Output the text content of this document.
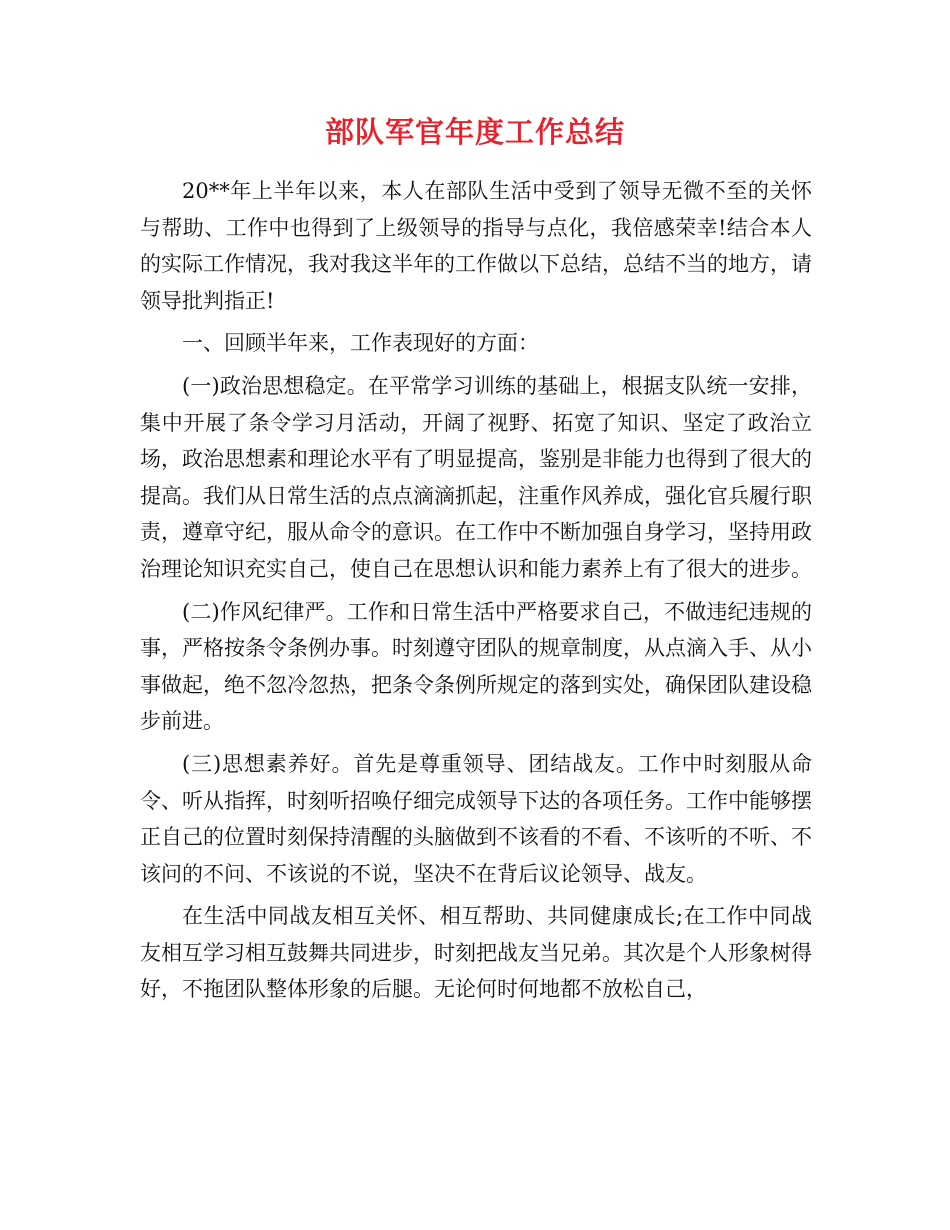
部队军官年度工作总结

20**年上半年以来，本人在部队生活中受到了领导无微不至的关怀与帮助、工作中也得到了上级领导的指导与点化，我倍感荣幸!结合本人的实际工作情况，我对我这半年的工作做以下总结，总结不当的地方，请领导批判指正!

一、回顾半年来，工作表现好的方面：

(一)政治思想稳定。在平常学习训练的基础上，根据支队统一安排，集中开展了条令学习月活动，开阔了视野、拓宽了知识、坚定了政治立场，政治思想素和理论水平有了明显提高，鉴别是非能力也得到了很大的提高。我们从日常生活的点点滴滴抓起，注重作风养成，强化官兵履行职责，遵章守纪，服从命令的意识。在工作中不断加强自身学习，坚持用政治理论知识充实自己，使自己在思想认识和能力素养上有了很大的进步。

(二)作风纪律严。工作和日常生活中严格要求自己，不做违纪违规的事，严格按条令条例办事。时刻遵守团队的规章制度，从点滴入手、从小事做起，绝不忽冷忽热，把条令条例所规定的落到实处，确保团队建设稳步前进。

(三)思想素养好。首先是尊重领导、团结战友。工作中时刻服从命令、听从指挥，时刻听招唤仔细完成领导下达的各项任务。工作中能够摆正自己的位置时刻保持清醒的头脑做到不该看的不看、不该听的不听、不该问的不问、不该说的不说，坚决不在背后议论领导、战友。

在生活中同战友相互关怀、相互帮助、共同健康成长;在工作中同战友相互学习相互鼓舞共同进步，时刻把战友当兄弟。其次是个人形象树得好，不拖团队整体形象的后腿。无论何时何地都不放松自己，
